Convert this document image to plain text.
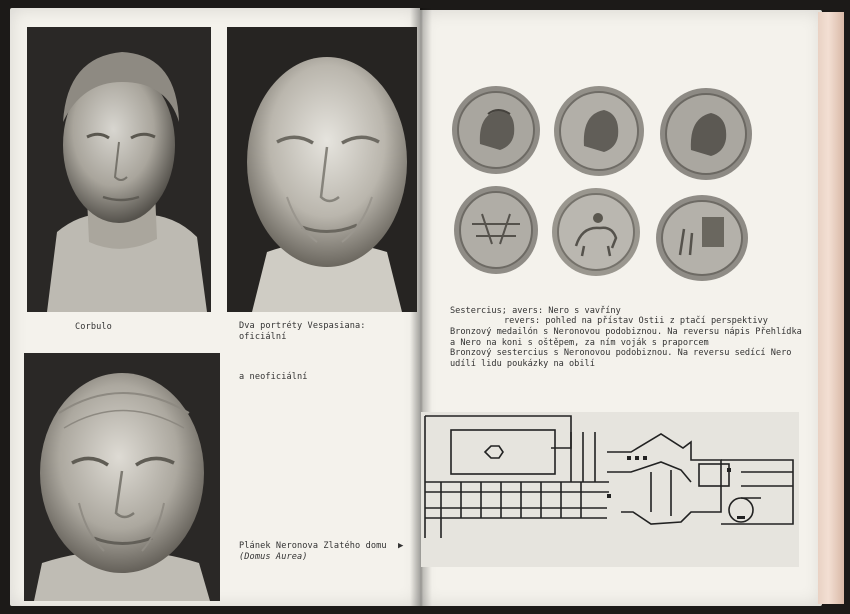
Corbulo	Dva portréty Vespasiana:
oficiální
a neoficiální
Plánek Neronova Zlatého domu ▶
(Domus Aurea)
Sestercius; avers: Nero s vavřínу
revers: pohled na přístav Ostii z ptačí perspektivy
Bronzový medailón s Neronovou podobiznou. Na reversu nápis Přehlídka
a Nero na koni s oštěpem, za ním voják s praporcem
Bronzový sestercius s Neronovou podobiznou. Na reversu sedící Nero
udílí lidu poukázky na obilí
